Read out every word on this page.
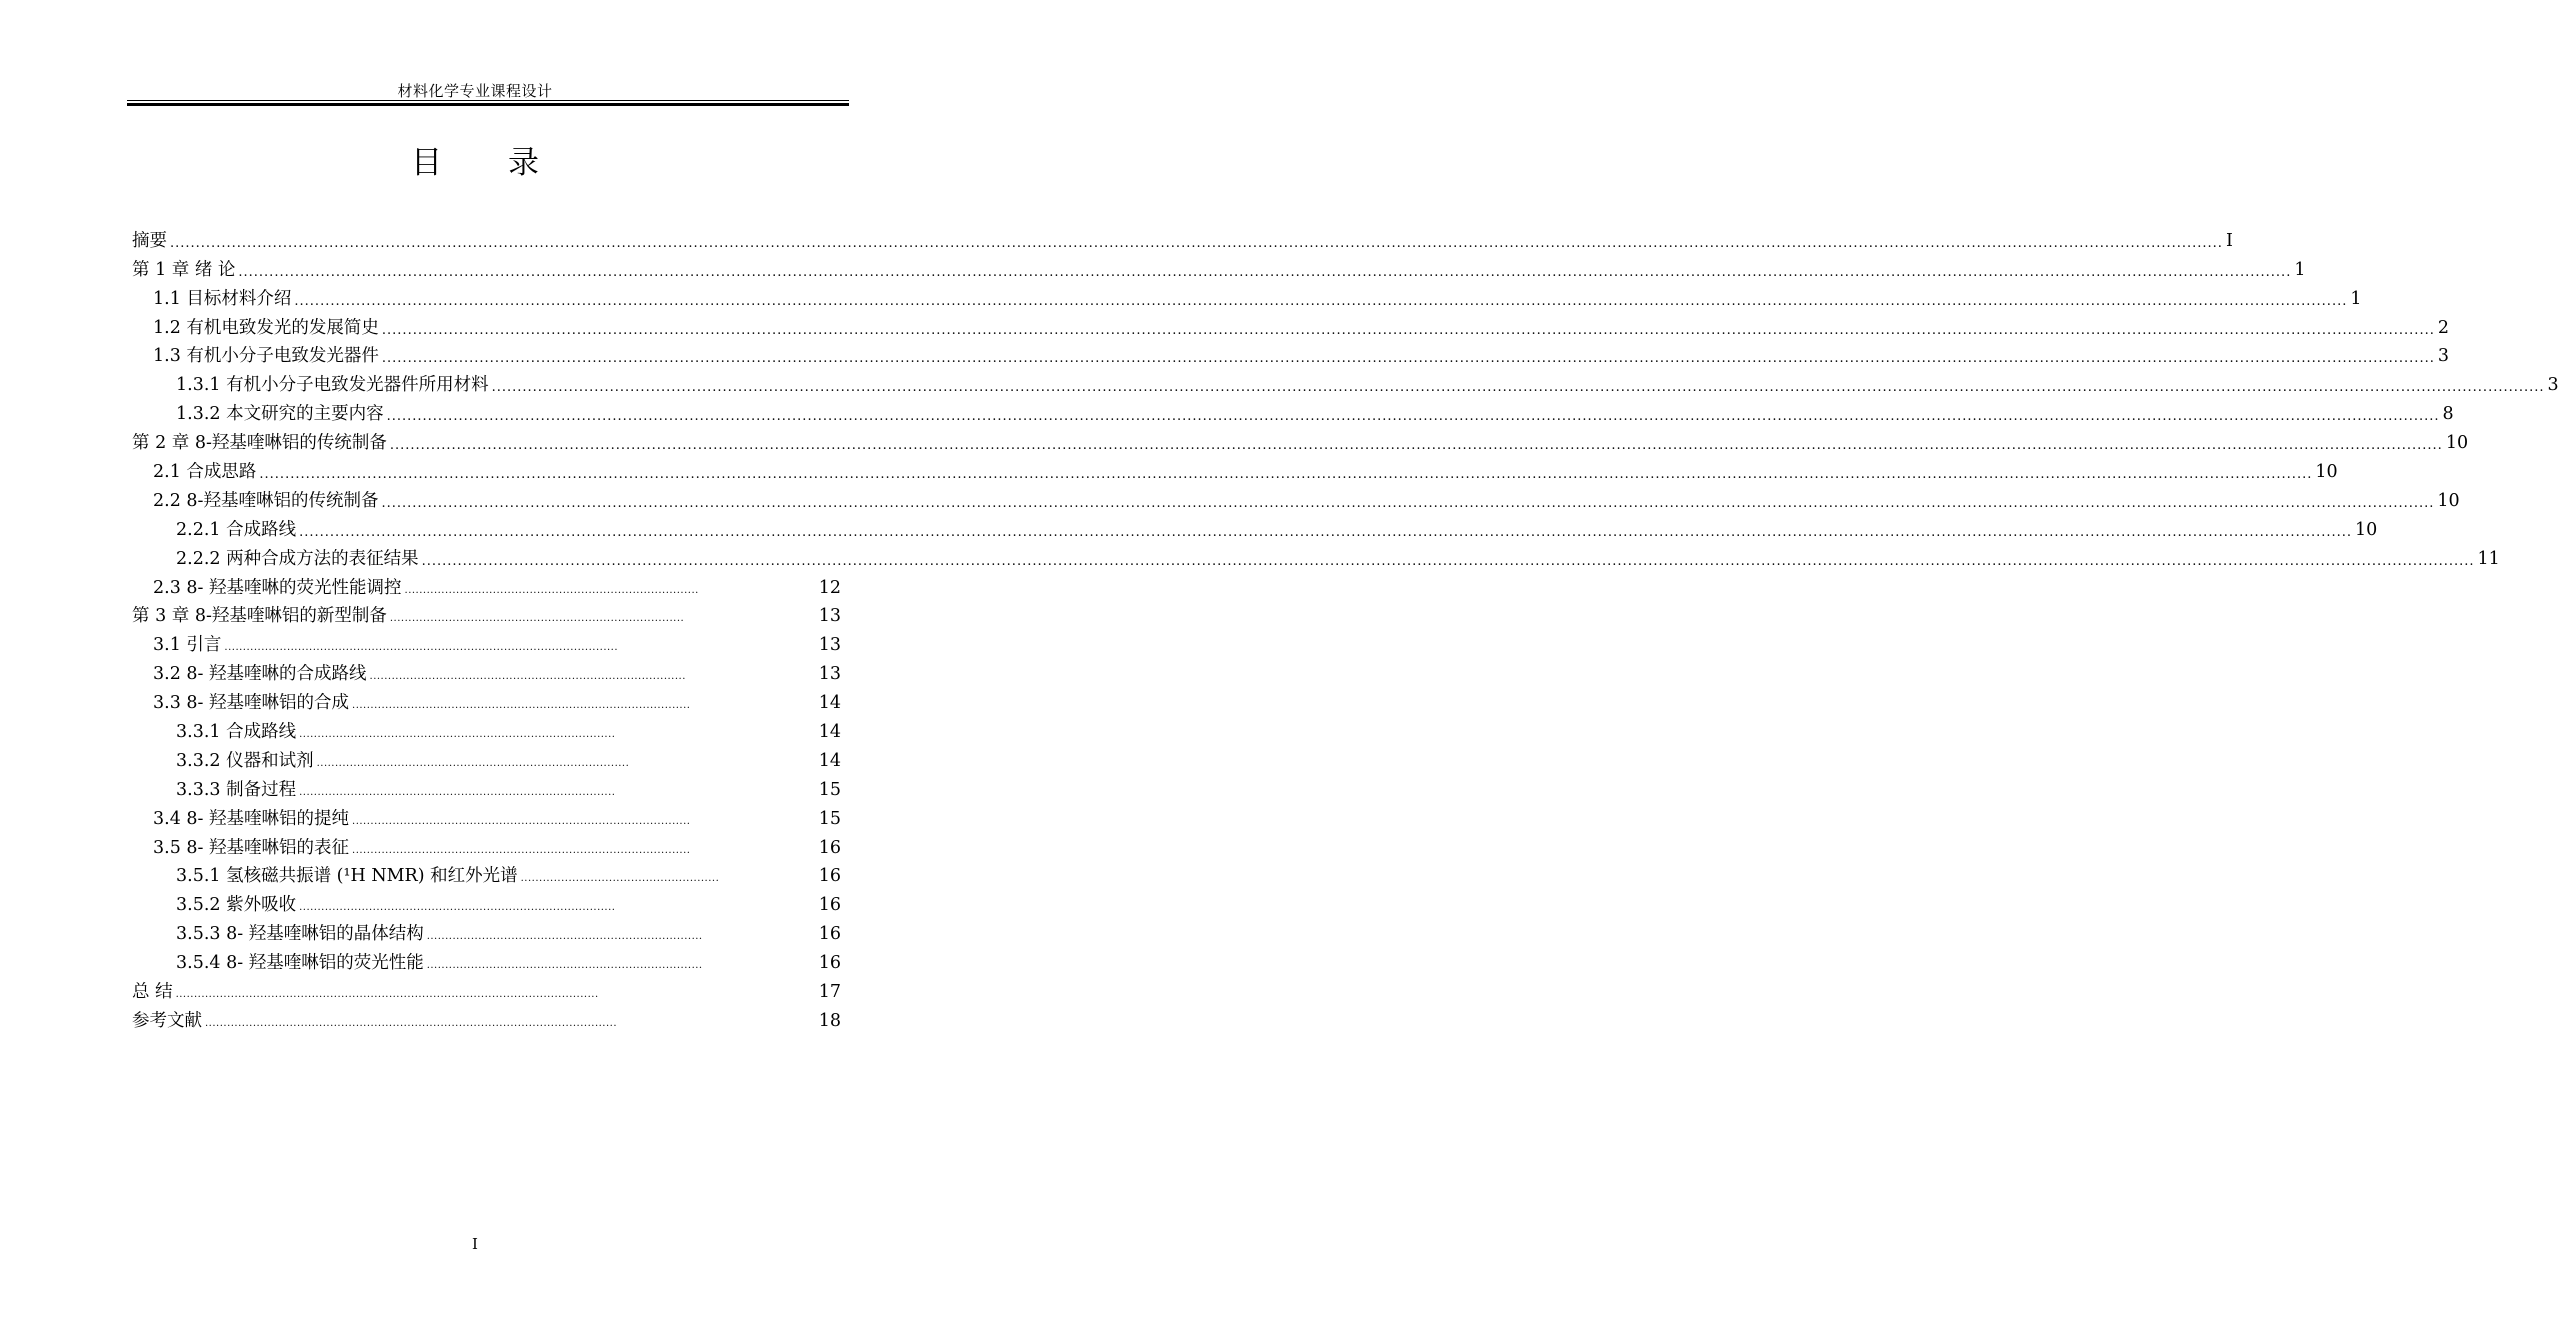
材料化学专业课程设计
目 录
摘要 ................................................................................................................................................................................................................................................................................................................................................................................................................ I
第 1 章 绪 论 ................................................................................................................................................................................................................................................................................................................................................................................................................ 1
1.1 目标材料介绍 ................................................................................................................................................................................................................................................................................................................................................................................................................ 1
1.2 有机电致发光的发展简史 ................................................................................................................................................................................................................................................................................................................................................................................................................ 2
1.3 有机小分子电致发光器件 ................................................................................................................................................................................................................................................................................................................................................................................................................ 3
1.3.1 有机小分子电致发光器件所用材料 ................................................................................................................................................................................................................................................................................................................................................................................................................ 3
1.3.2 本文研究的主要内容 ................................................................................................................................................................................................................................................................................................................................................................................................................ 8
第 2 章 8-羟基喹啉铝的传统制备 ................................................................................................................................................................................................................................................................................................................................................................................................................ 10
2.1 合成思路 ................................................................................................................................................................................................................................................................................................................................................................................................................ 10
2.2 8-羟基喹啉铝的传统制备 ................................................................................................................................................................................................................................................................................................................................................................................................................ 10
2.2.1 合成路线 ................................................................................................................................................................................................................................................................................................................................................................................................................ 10
2.2.2 两种合成方法的表征结果 ................................................................................................................................................................................................................................................................................................................................................................................................................ 11
2.3 8- 羟基喹啉的荧光性能调控 ................................................................................	12
第 3 章 8-羟基喹啉铝的新型制备 ................................................................................	13
3.1 引言 ...........................................................................................................	13
3.2 8- 羟基喹啉的合成路线 ......................................................................................	13
3.3 8- 羟基喹啉铝的合成 ............................................................................................	14
3.3.1 合成路线 ......................................................................................	14
3.3.2 仪器和试剂 .....................................................................................	14
3.3.3 制备过程 ......................................................................................	15
3.4 8- 羟基喹啉铝的提纯 ............................................................................................	15
3.5 8- 羟基喹啉铝的表征 ............................................................................................	16
3.5.1 氢核磁共振谱 (¹H NMR) 和红外光谱 ......................................................	16
3.5.2 紫外吸收 ......................................................................................	16
3.5.3 8- 羟基喹啉铝的晶体结构 ...........................................................................	16
3.5.4 8- 羟基喹啉铝的荧光性能 ...........................................................................	16
总 结 ...................................................................................................................	17
参考文献 ................................................................................................................	18
I
